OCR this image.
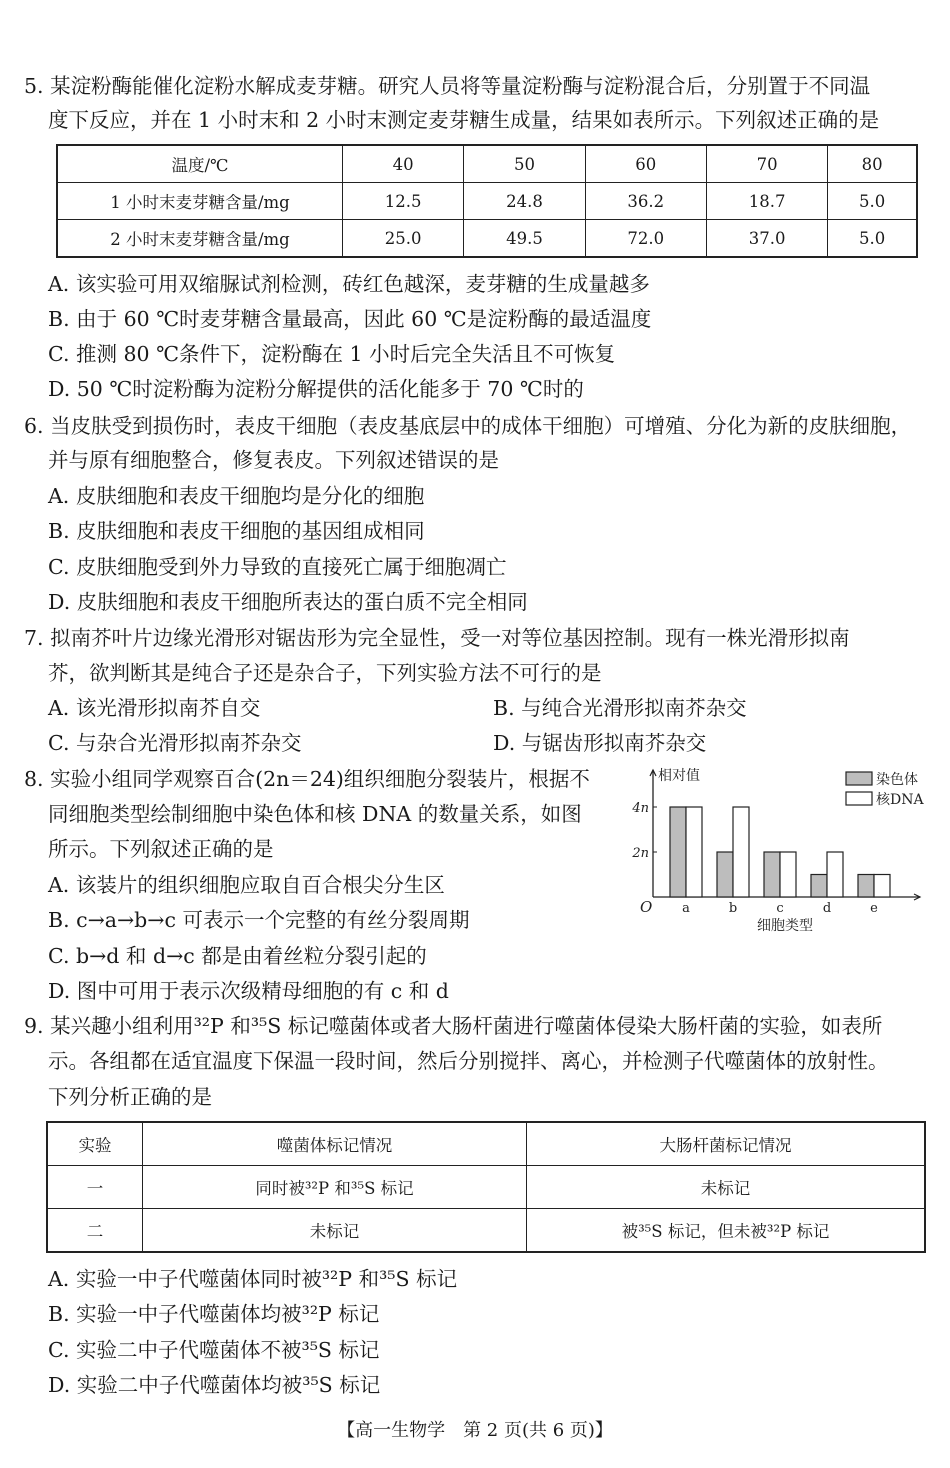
5. 某淀粉酶能催化淀粉水解成麦芽糖。研究人员将等量淀粉酶与淀粉混合后，分别置于不同温
度下反应，并在 1 小时末和 2 小时末测定麦芽糖生成量，结果如表所示。下列叙述正确的是
温度/℃	40	50	60	70	80
1 小时末麦芽糖含量/mg	12.5	24.8	36.2	18.7	5.0
2 小时末麦芽糖含量/mg	25.0	49.5	72.0	37.0	5.0
A. 该实验可用双缩脲试剂检测，砖红色越深，麦芽糖的生成量越多
B. 由于 60 ℃时麦芽糖含量最高，因此 60 ℃是淀粉酶的最适温度
C. 推测 80 ℃条件下，淀粉酶在 1 小时后完全失活且不可恢复
D. 50 ℃时淀粉酶为淀粉分解提供的活化能多于 70 ℃时的
6. 当皮肤受到损伤时，表皮干细胞（表皮基底层中的成体干细胞）可增殖、分化为新的皮肤细胞，
并与原有细胞整合，修复表皮。下列叙述错误的是
A. 皮肤细胞和表皮干细胞均是分化的细胞
B. 皮肤细胞和表皮干细胞的基因组成相同
C. 皮肤细胞受到外力导致的直接死亡属于细胞凋亡
D. 皮肤细胞和表皮干细胞所表达的蛋白质不完全相同
7. 拟南芥叶片边缘光滑形对锯齿形为完全显性，受一对等位基因控制。现有一株光滑形拟南
芥，欲判断其是纯合子还是杂合子，下列实验方法不可行的是
A. 该光滑形拟南芥自交	B. 与纯合光滑形拟南芥杂交
C. 与杂合光滑形拟南芥杂交	D. 与锯齿形拟南芥杂交
8. 实验小组同学观察百合(2n＝24)组织细胞分裂装片，根据不
同细胞类型绘制细胞中染色体和核 DNA 的数量关系，如图
所示。下列叙述正确的是
A. 该装片的组织细胞应取自百合根尖分生区
B. c→a→b→c 可表示一个完整的有丝分裂周期
C. b→d 和 d→c 都是由着丝粒分裂引起的
D. 图中可用于表示次级精母细胞的有 c 和 d
相对值
O
细胞类型
2n
4n
a	b	c	d	e
染色体
核DNA
9. 某兴趣小组利用³²P 和³⁵S 标记噬菌体或者大肠杆菌进行噬菌体侵染大肠杆菌的实验，如表所
示。各组都在适宜温度下保温一段时间，然后分别搅拌、离心，并检测子代噬菌体的放射性。
下列分析正确的是
实验	噬菌体标记情况	大肠杆菌标记情况
一	同时被³²P 和³⁵S 标记	未标记
二	未标记	被³⁵S 标记，但未被³²P 标记
A. 实验一中子代噬菌体同时被³²P 和³⁵S 标记
B. 实验一中子代噬菌体均被³²P 标记
C. 实验二中子代噬菌体不被³⁵S 标记
D. 实验二中子代噬菌体均被³⁵S 标记
【高一生物学　第 2 页(共 6 页)】
